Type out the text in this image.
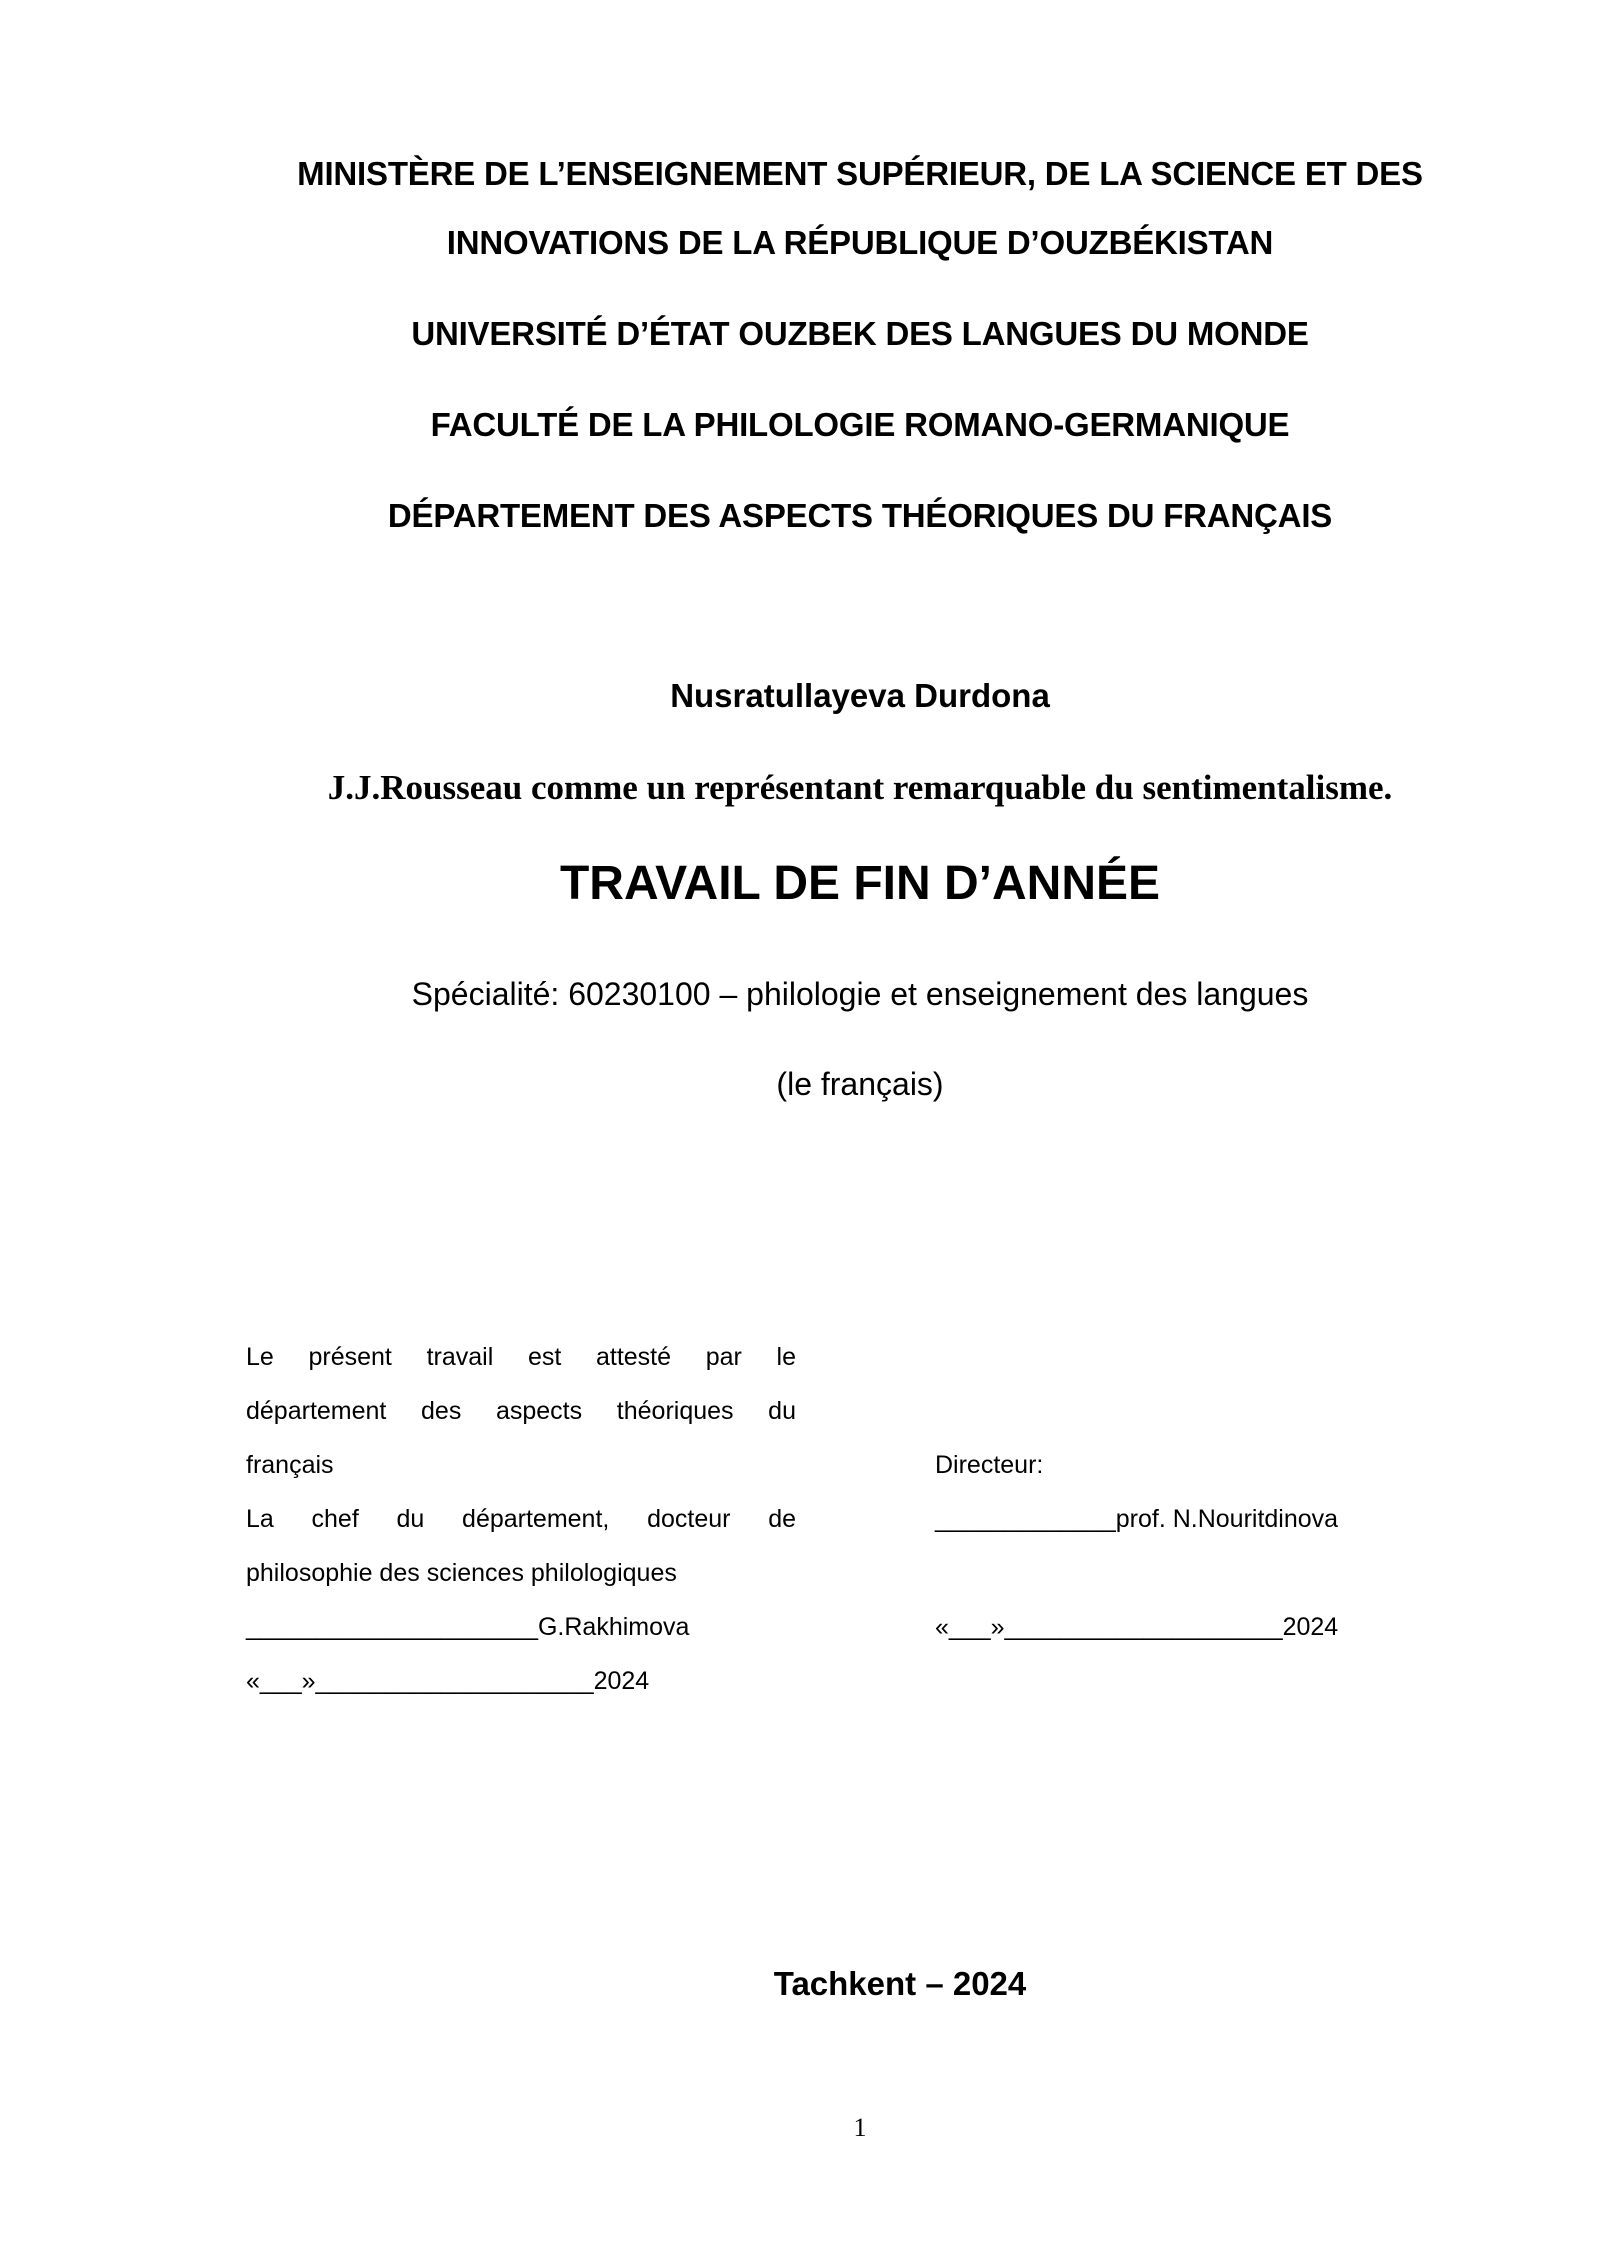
MINISTÈRE DE L’ENSEIGNEMENT SUPÉRIEUR, DE LA SCIENCE ET DES
INNOVATIONS DE LA RÉPUBLIQUE D’OUZBÉKISTAN
UNIVERSITÉ D’ÉTAT OUZBEK DES LANGUES DU MONDE
FACULTÉ DE LA PHILOLOGIE ROMANO-GERMANIQUE
DÉPARTEMENT DES ASPECTS THÉORIQUES DU FRANÇAIS
Nusratullayeva Durdona
J.J.Rousseau comme un représentant remarquable du sentimentalisme.
TRAVAIL DE FIN D’ANNÉE
Spécialité: 60230100 – philologie et enseignement des langues
(le français)
Le présent travail est attesté par le
département des aspects théoriques du
français
La chef du département, docteur de
philosophie des sciences philologiques
_____________________G.Rakhimova
«___»____________________2024
Directeur:
_____________prof. N.Nouritdinova
«___»____________________2024
Tachkent – 2024
1
